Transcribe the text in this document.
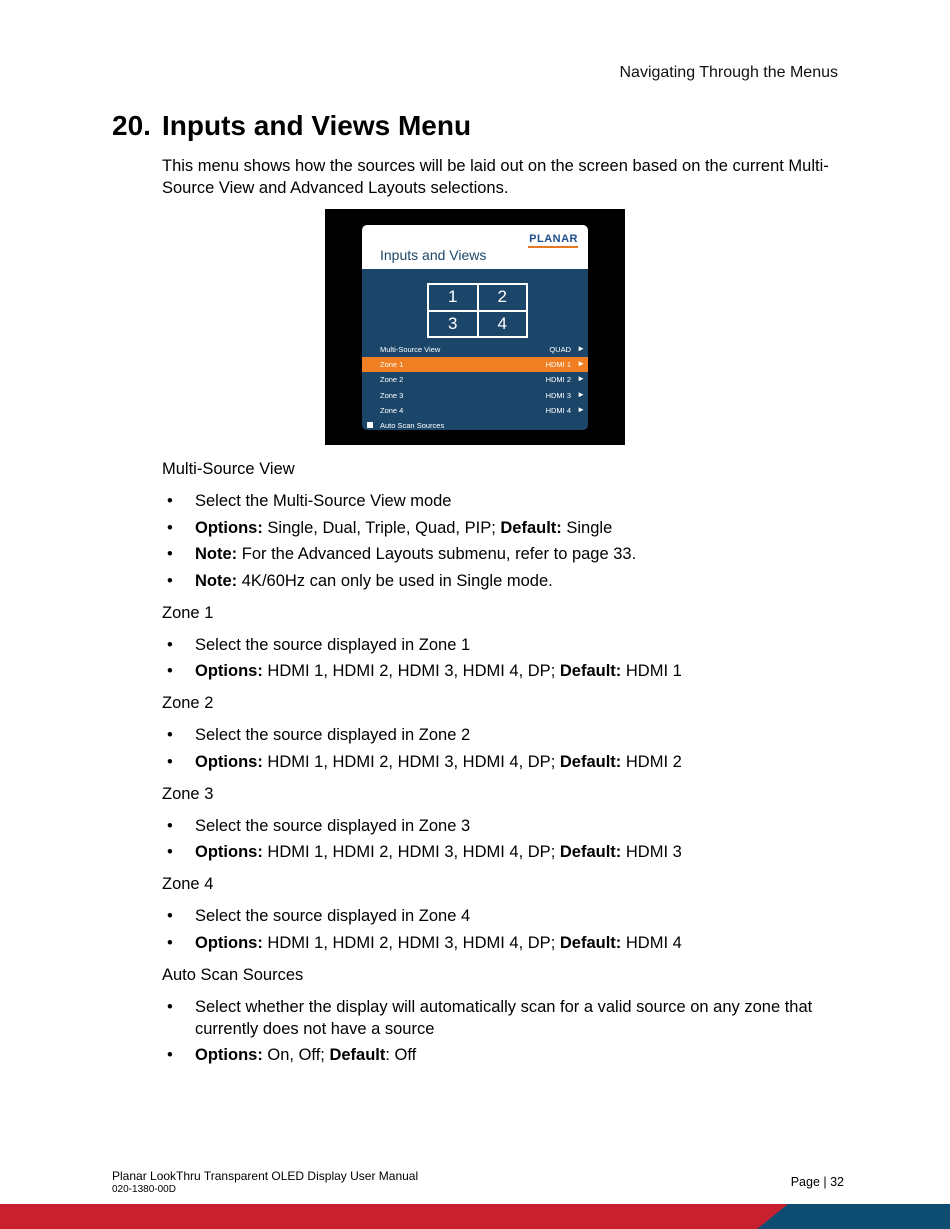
Navigating Through the Menus
20. Inputs and Views Menu

This menu shows how the sources will be laid out on the screen based on the current Multi-Source View and Advanced Layouts selections.

Inputs and Views
PLANAR
1	2
3	4
Multi-Source View	QUAD ►
Zone 1	HDMI 1 ►
Zone 2	HDMI 2 ►
Zone 3	HDMI 3 ►
Zone 4	HDMI 4 ►
Auto Scan Sources

Multi-Source View

• Select the Multi-Source View mode
• Options: Single, Dual, Triple, Quad, PIP; Default: Single
• Note: For the Advanced Layouts submenu, refer to page 33.
• Note: 4K/60Hz can only be used in Single mode.

Zone 1

• Select the source displayed in Zone 1
• Options: HDMI 1, HDMI 2, HDMI 3, HDMI 4, DP; Default: HDMI 1

Zone 2

• Select the source displayed in Zone 2
• Options: HDMI 1, HDMI 2, HDMI 3, HDMI 4, DP; Default: HDMI 2

Zone 3

• Select the source displayed in Zone 3
• Options: HDMI 1, HDMI 2, HDMI 3, HDMI 4, DP; Default: HDMI 3

Zone 4

• Select the source displayed in Zone 4
• Options: HDMI 1, HDMI 2, HDMI 3, HDMI 4, DP; Default: HDMI 4

Auto Scan Sources

• Select whether the display will automatically scan for a valid source on any zone that currently does not have a source
• Options: On, Off; Default: Off
Planar LookThru Transparent OLED Display User Manual
020-1380-00D
Page | 32
